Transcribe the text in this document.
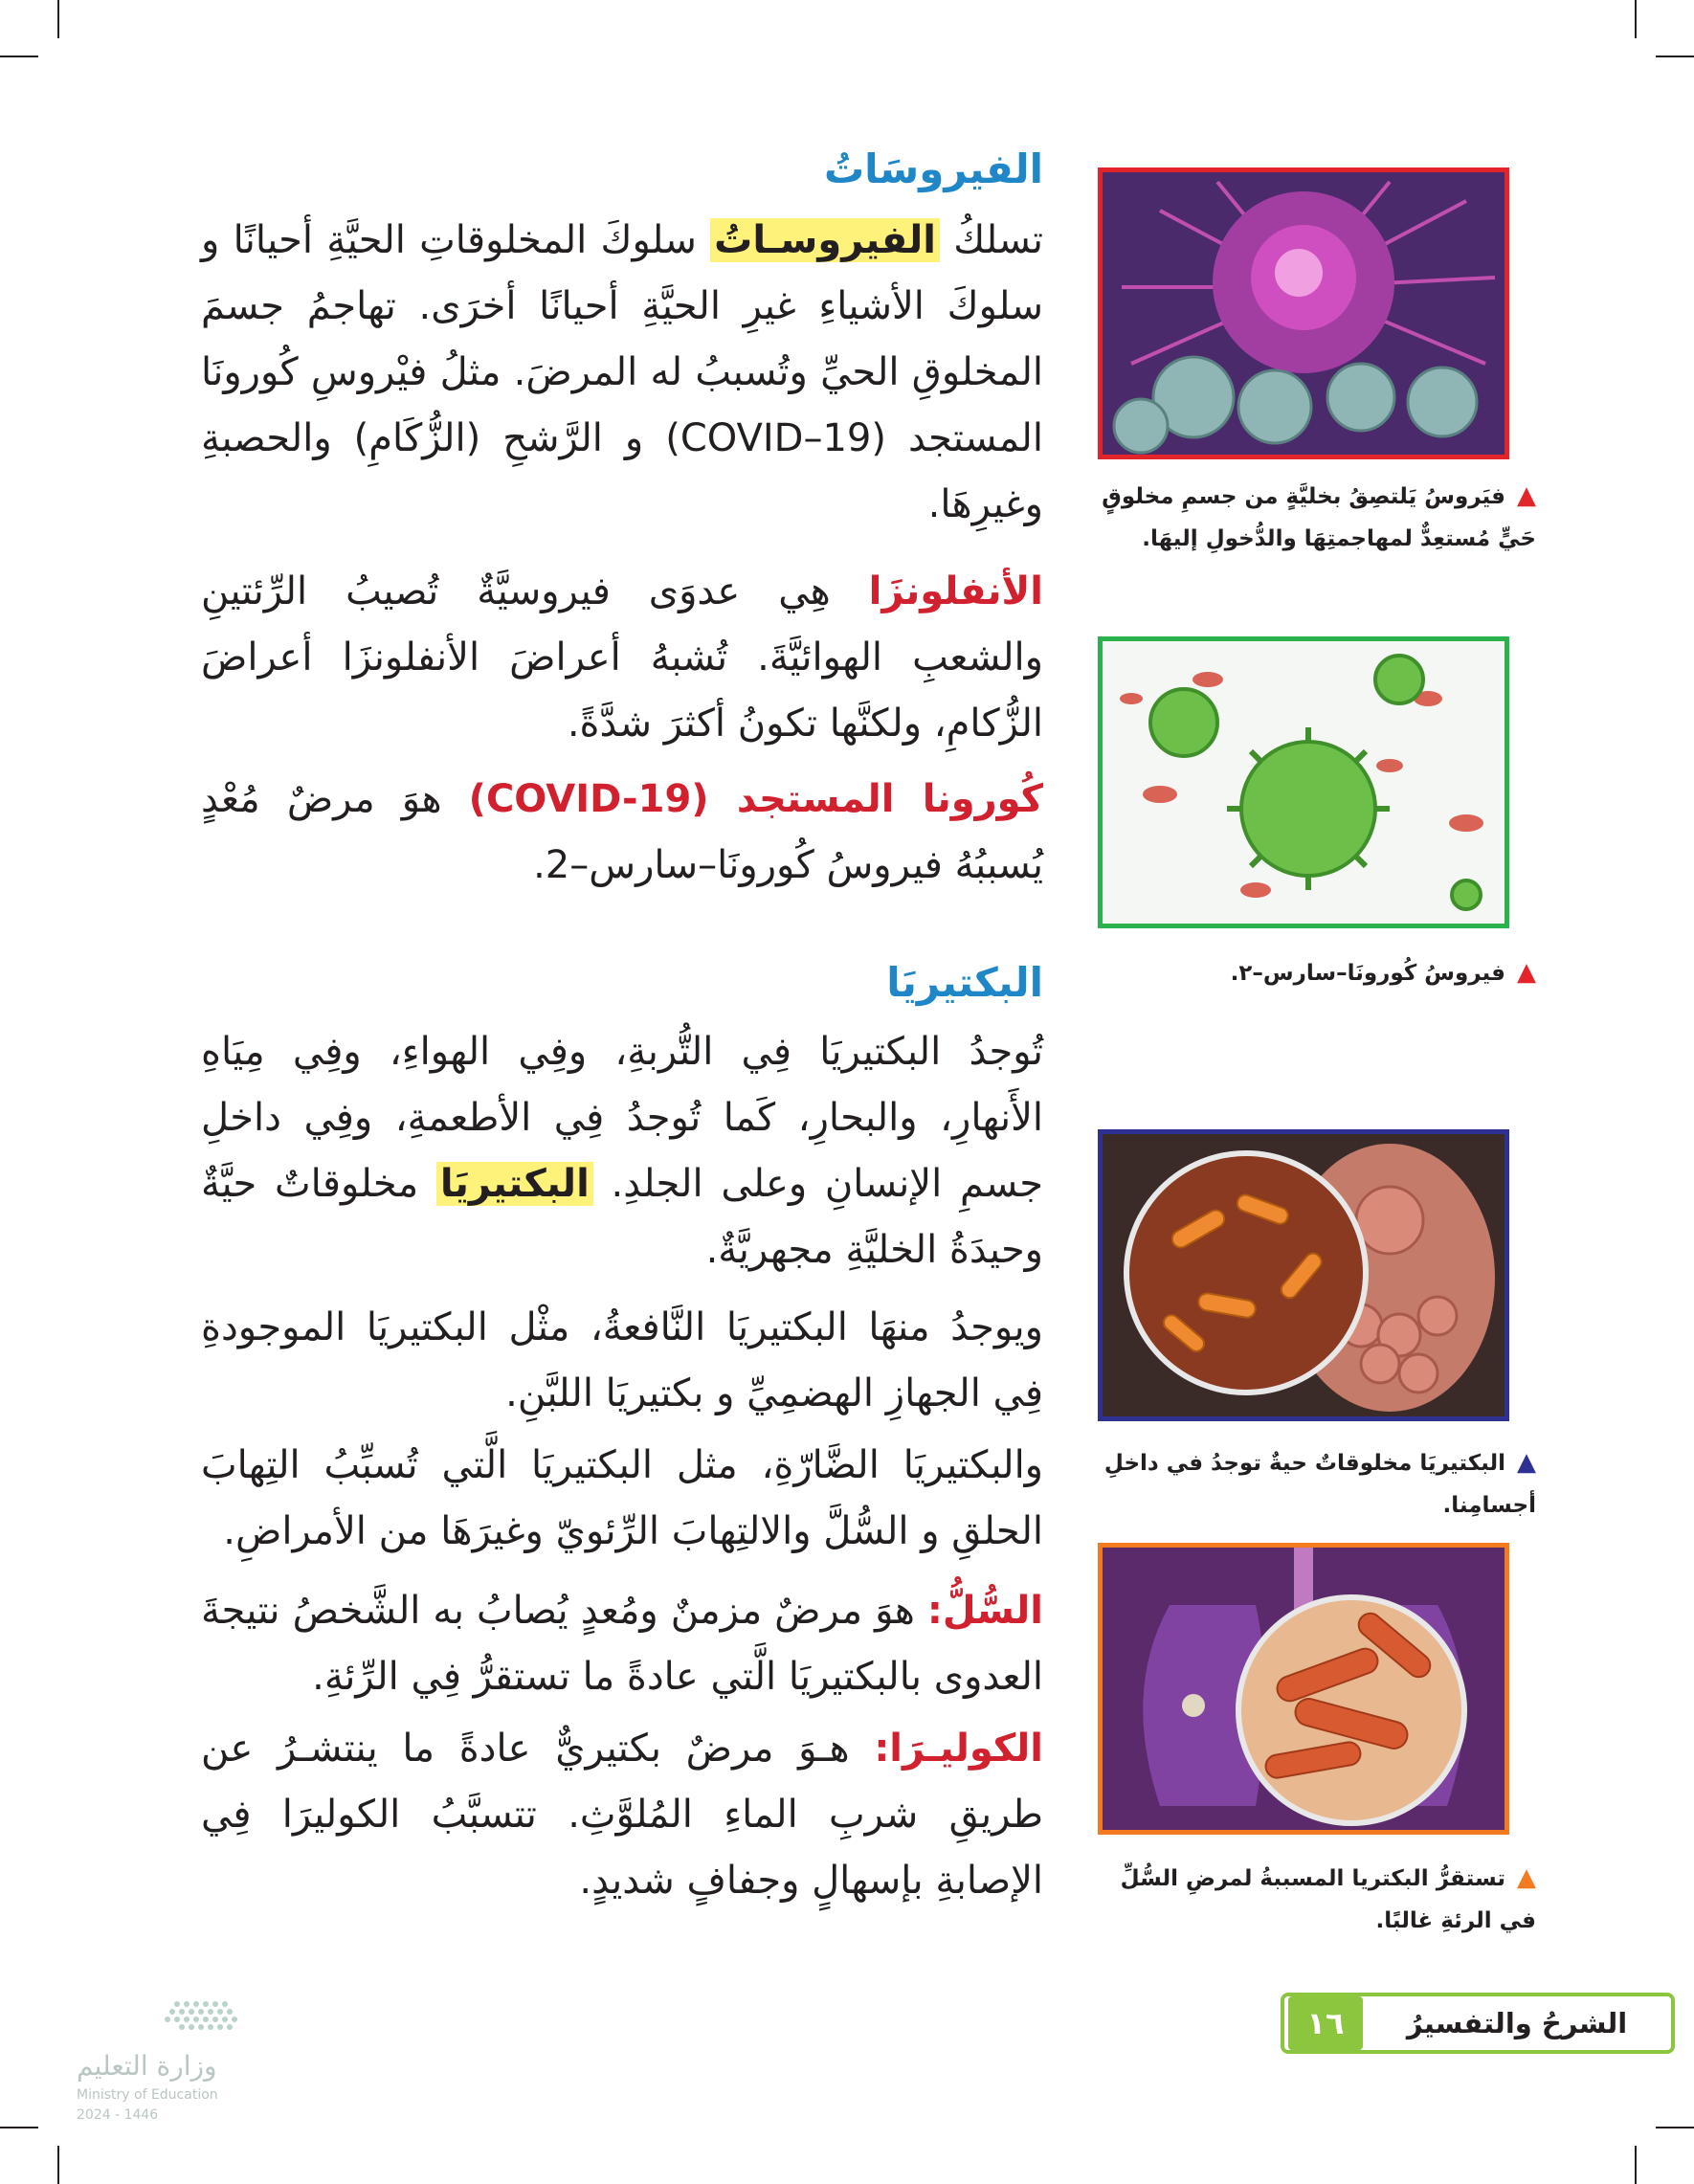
الفيروسَاتُ

تسلكُ الفيروسـاتُ سلوكَ المخلوقاتِ الحيَّةِ أحيانًا و سلوكَ الأشياءِ غيرِ الحيَّةِ أحيانًا أخرَى. تهاجمُ جسمَ المخلوقِ الحيِّ وتُسببُ له المرضَ. مثلُ فيْروسِ كُورونَا المستجد (COVID–19) و الرَّشحِ (الزُّكَامِ) والحصبةِ وغيرِهَا.

الأنفلونزَا هِي عدوَى فيروسيَّةٌ تُصيبُ الرِّئتينِ والشعبِ الهوائيَّةَ. تُشبهُ أعراضَ الأنفلونزَا أعراضَ الزُّكامِ، ولكنَّها تكونُ أكثرَ شدَّةً.

كُورونا المستجد (COVID-19) هوَ مرضٌ مُعْدٍ يُسببُهُ فيروسُ كُورونَا–سارس–2.

البكتيريَا

تُوجدُ البكتيريَا فِي التُّربةِ، وفِي الهواءِ، وفِي مِيَاهِ الأَنهارِ، والبحارِ، كَما تُوجدُ فِي الأطعمةِ، وفِي داخلِ جسمِ الإنسانِ وعلى الجلدِ. البكتيريَا مخلوقاتٌ حيَّةٌ وحيدَةُ الخليَّةِ مجهريَّةٌ.

ويوجدُ منهَا البكتيريَا النَّافعةُ، مثْل البكتيريَا الموجودةِ فِي الجهازِ الهضمِيِّ و بكتيريَا اللبَّنِ.

والبكتيريَا الضَّارّةِ، مثل البكتيريَا الَّتي تُسبِّبُ التِهابَ الحلقِ و السُّلَّ والالتِهابَ الرِّئويّ وغيرَهَا من الأمراضِ.

السُّلُّ: هوَ مرضٌ مزمنٌ ومُعدٍ يُصابُ به الشَّخصُ نتيجةَ العدوى بالبكتيريَا الَّتي عادةً ما تستقرُّ فِي الرِّئةِ.

الكوليـرَا: هـوَ مرضٌ بكتيريٌّ عادةً ما ينتشـرُ عن طريقِ شربِ الماءِ المُلوَّثِ. تتسبَّبُ الكوليرَا فِي الإصابةِ بإسهالٍ وجفافٍ شديدٍ.

▲فيَروسُ يَلتصِقُ بخليَّةٍ من جسمِ مخلوقٍ حَيٍّ مُستعِدٌّ لمهاجمتِهَا والدُّخولِ إليهَا.
▲فيروسُ كُورونَا–سارس–٢.
▲البكتيريَا مخلوقاتٌ حيةٌ توجدُ في داخلِ أجسامِنا.
▲تستقرُّ البكتريا المسببةُ لمرضِ السُّلِّ في الرئةِ غالبًا.
الشرحُ والتفسيرُ
١٦
وزارة التعليم
Ministry of Education
2024 - 1446
